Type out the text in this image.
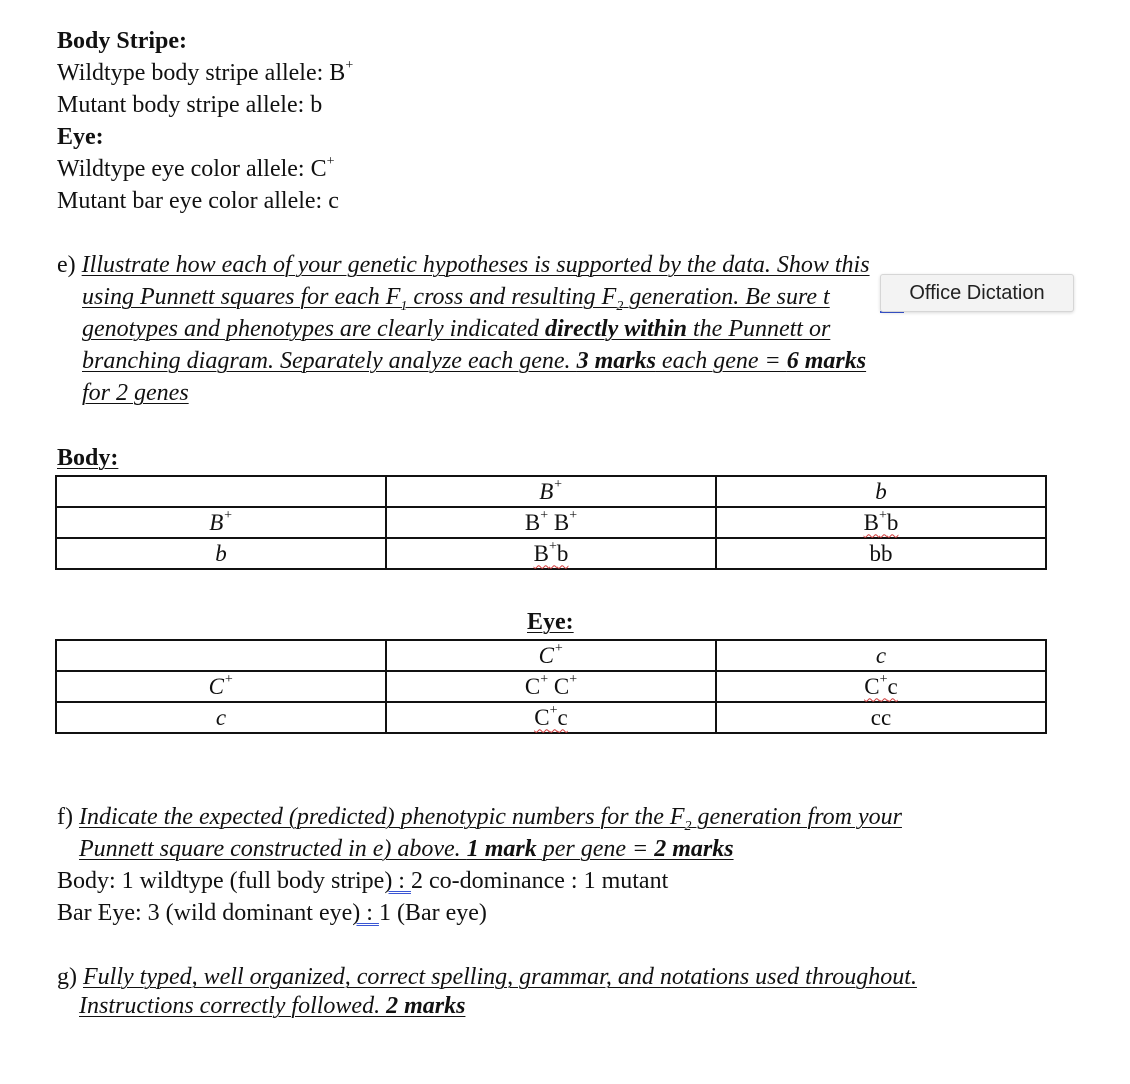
Body Stripe:
Wildtype body stripe allele: B+
Mutant body stripe allele: b
Eye:
Wildtype eye color allele: C+
Mutant bar eye color allele: c
e) Illustrate how each of your genetic hypotheses is supported by the data. Show this
using Punnett squares for each $F_1$ cross and resulting $F_2$ generation. Be sure t
genotypes and phenotypes are clearly indicated directly within the Punnett or
branching diagram. Separately analyze each gene. 3 marks each gene = 6 marks
for 2 genes
Office Dictation
Body:
	B+	b
B+	B+ B+	B+b
b	B+b	bb
Eye:
	C+	c
C+	C+ C+	C+c
c	C+c	cc
f) Indicate the expected (predicted) phenotypic numbers for the $F_2$ generation from your
Punnett square constructed in e) above. 1 mark per gene = 2 marks
Body: 1 wildtype (full body stripe) : 2 co-dominance : 1 mutant
Bar Eye: 3 (wild dominant eye) : 1 (Bar eye)
g) Fully typed, well organized, correct spelling, grammar, and notations used throughout.
Instructions correctly followed. 2 marks
